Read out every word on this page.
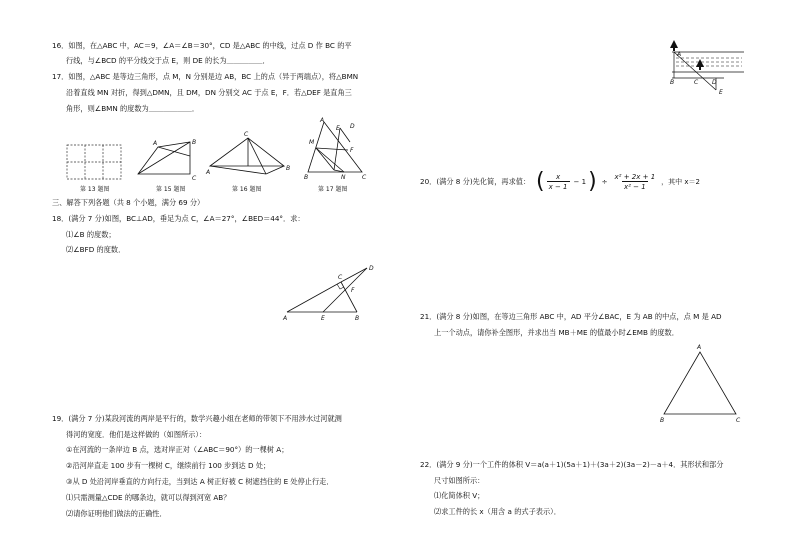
16．如图，在△ABC 中，AC＝9，∠A＝∠B＝30°，CD 是△ABC 的中线，过点 D 作 BC 的平
行线，与∠BCD 的平分线交于点 E，则 DE 的长为＿＿＿＿＿．
17．如图，△ABC 是等边三角形，点 M，N 分别是边 AB，BC 上的点（异于两端点），将△BMN
沿着直线 MN 对折，得到△DMN，且 DM，DN 分别交 AC 于点 E，F．若△DEF 是直角三
角形，则∠BMN 的度数为＿＿＿＿＿＿．
第 13 题图
A	B
C
第 15 题图
A
B
C
第 16 题图
A
M
E
B	N	C
D
F
第 17 题图
三、解答下列各题（共 8 个小题，满分 69 分）
18．(满分 7 分)如图，BC⊥AD，垂足为点 C，∠A＝27°，∠BED＝44°．求：
⑴∠B 的度数；
⑵∠BFD 的度数．
A	E	B
C
D
F
19．(满分 7 分)某段河流的两岸是平行的，数学兴趣小组在老师的带领下不用涉水过河就测
得河的宽度．他们是这样做的（如图所示）：
①在河流的一条岸边 B 点，选对岸正对（∠ABC＝90°）的一棵树 A；
②沿河岸直走 100 步有一棵树 C，继续前行 100 步到达 D 处；
③从 D 处沿河岸垂直的方向行走，当到达 A 树正好被 C 树遮挡住的 E 处停止行走．
⑴只需测量△CDE 的哪条边，就可以得到河宽 AB？
⑵请你证明他们做法的正确性．
A
B	C D
E
20．(满分 8 分)先化简，再求值： ( $\frac{x}{x - 1} - 1$ ) ÷ $\frac{\text{x² + 2x + 1}}{\text{x² − 1}}$ ，其中 x＝2
21．(满分 8 分)如图，在等边三角形 ABC 中，AD 平分∠BAC，E 为 AB 的中点，点 M 是 AD
上一个动点，请你补全图形，并求出当 MB＋ME 的值最小时∠EMB 的度数．
A
B	C
22．(满分 9 分)一个工件的体积 V＝a(a＋1)(5a＋1)＋(3a＋2)(3a－2)－a＋4．其形状和部分
尺寸如图所示：
⑴化简体积 V；
⑵求工件的长 x（用含 a 的式子表示）．
